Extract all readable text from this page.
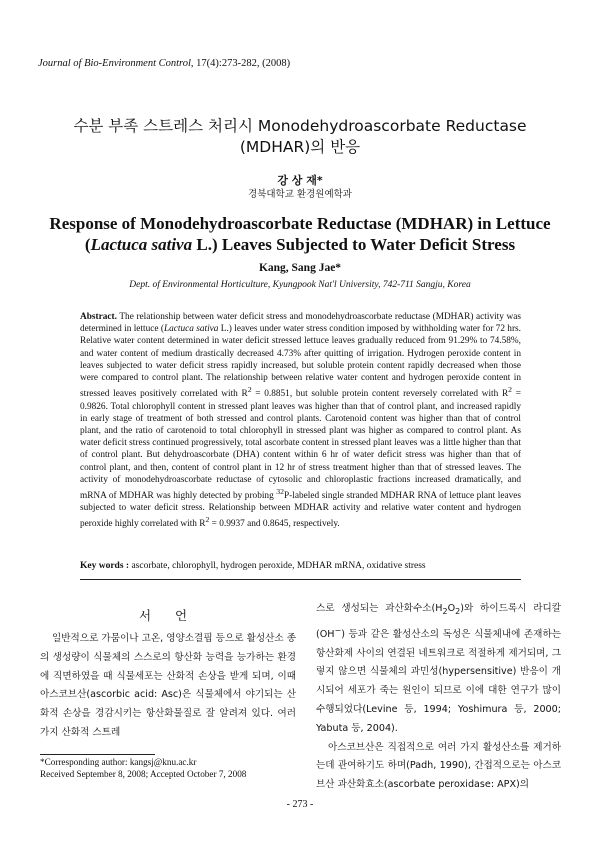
Journal of Bio-Environment Control, 17(4):273-282, (2008)
수분 부족 스트레스 처리시 Monodehydroascorbate Reductase
(MDHAR)의 반응
강 상 재*
경북대학교 환경원예학과
Response of Monodehydroascorbate Reductase (MDHAR) in Lettuce
(Lactuca sativa L.) Leaves Subjected to Water Deficit Stress
Kang, Sang Jae*
Dept. of Environmental Horticulture, Kyungpook Nat'l University, 742-711 Sangju, Korea
Abstract. The relationship between water deficit stress and monodehydroascorbate reductase (MDHAR) activity was determined in lettuce (Lactuca sativa L.) leaves under water stress condition imposed by withholding water for 72 hrs. Relative water content determined in water deficit stressed lettuce leaves gradually reduced from 91.29% to 74.58%, and water content of medium drastically decreased 4.73% after quitting of irrigation. Hydrogen peroxide content in leaves subjected to water deficit stress rapidly increased, but soluble protein content rapidly decreased when those were compared to control plant. The relationship between relative water content and hydrogen peroxide content in stressed leaves positively correlated with $R^2 = 0.8851$, but soluble protein content reversely correlated with $R^2 = 0.9826$. Total chlorophyll content in stressed plant leaves was higher than that of control plant, and increased rapidly in early stage of treatment of both stressed and control plants. Carotenoid content was higher than that of control plant, and the ratio of carotenoid to total chlorophyll in stressed plant was higher as compared to control plant. As water deficit stress continued progressively, total ascorbate content in stressed plant leaves was a little higher than that of control plant. But dehydroascorbate (DHA) content within 6 hr of water deficit stress was higher than that of control plant, and then, content of control plant in 12 hr of stress treatment higher than that of stressed leaves. The activity of monodehydroascorbate reductase of cytosolic and chloroplastic fractions increased dramatically, and mRNA of MDHAR was highly detected by probing $^{32}$P-labeled single stranded MDHAR RNA of lettuce plant leaves subjected to water deficit stress. Relationship between MDHAR activity and relative water content and hydrogen peroxide highly correlated with $R^2 = 0.9937$ and 0.8645, respectively.
Key words : ascorbate, chlorophyll, hydrogen peroxide, MDHAR mRNA, oxidative stress
서 언

일반적으로 가뭄이나 고온, 영양소결핍 등으로 활성산소 종의 생성량이 식물체의 스스로의 항산화 능력을 능가하는 환경에 직면하였을 때 식물세포는 산화적 손상을 받게 되며, 이때 아스코브산(ascorbic acid: Asc)은 식물체에서 야기되는 산화적 손상을 경감시키는 항산화물질로 잘 알려져 있다. 여러 가지 산화적 스트레

스로 생성되는 과산화수소$(H_2O_2)$와 하이드록시 라디칼(OH−) 등과 같은 활성산소의 독성은 식물체내에 존재하는 항산화제 사이의 연결된 네트워크로 적절하게 제거되며, 그렇지 않으면 식물체의 과민성(hypersensitive) 반응이 개시되어 세포가 죽는 원인이 되므로 이에 대한 연구가 많이 수행되었다(Levine 등, 1994; Yoshimura 등, 2000; Yabuta 등, 2004).

아스코브산은 직접적으로 여러 가지 활성산소를 제거하는데 관여하기도 하며(Padh, 1990), 간접적으로는 아스코브산 과산화효소(ascorbate peroxidase: APX)의

*Corresponding author: kangsj@knu.ac.kr
Received September 8, 2008; Accepted October 7, 2008
- 273 -
